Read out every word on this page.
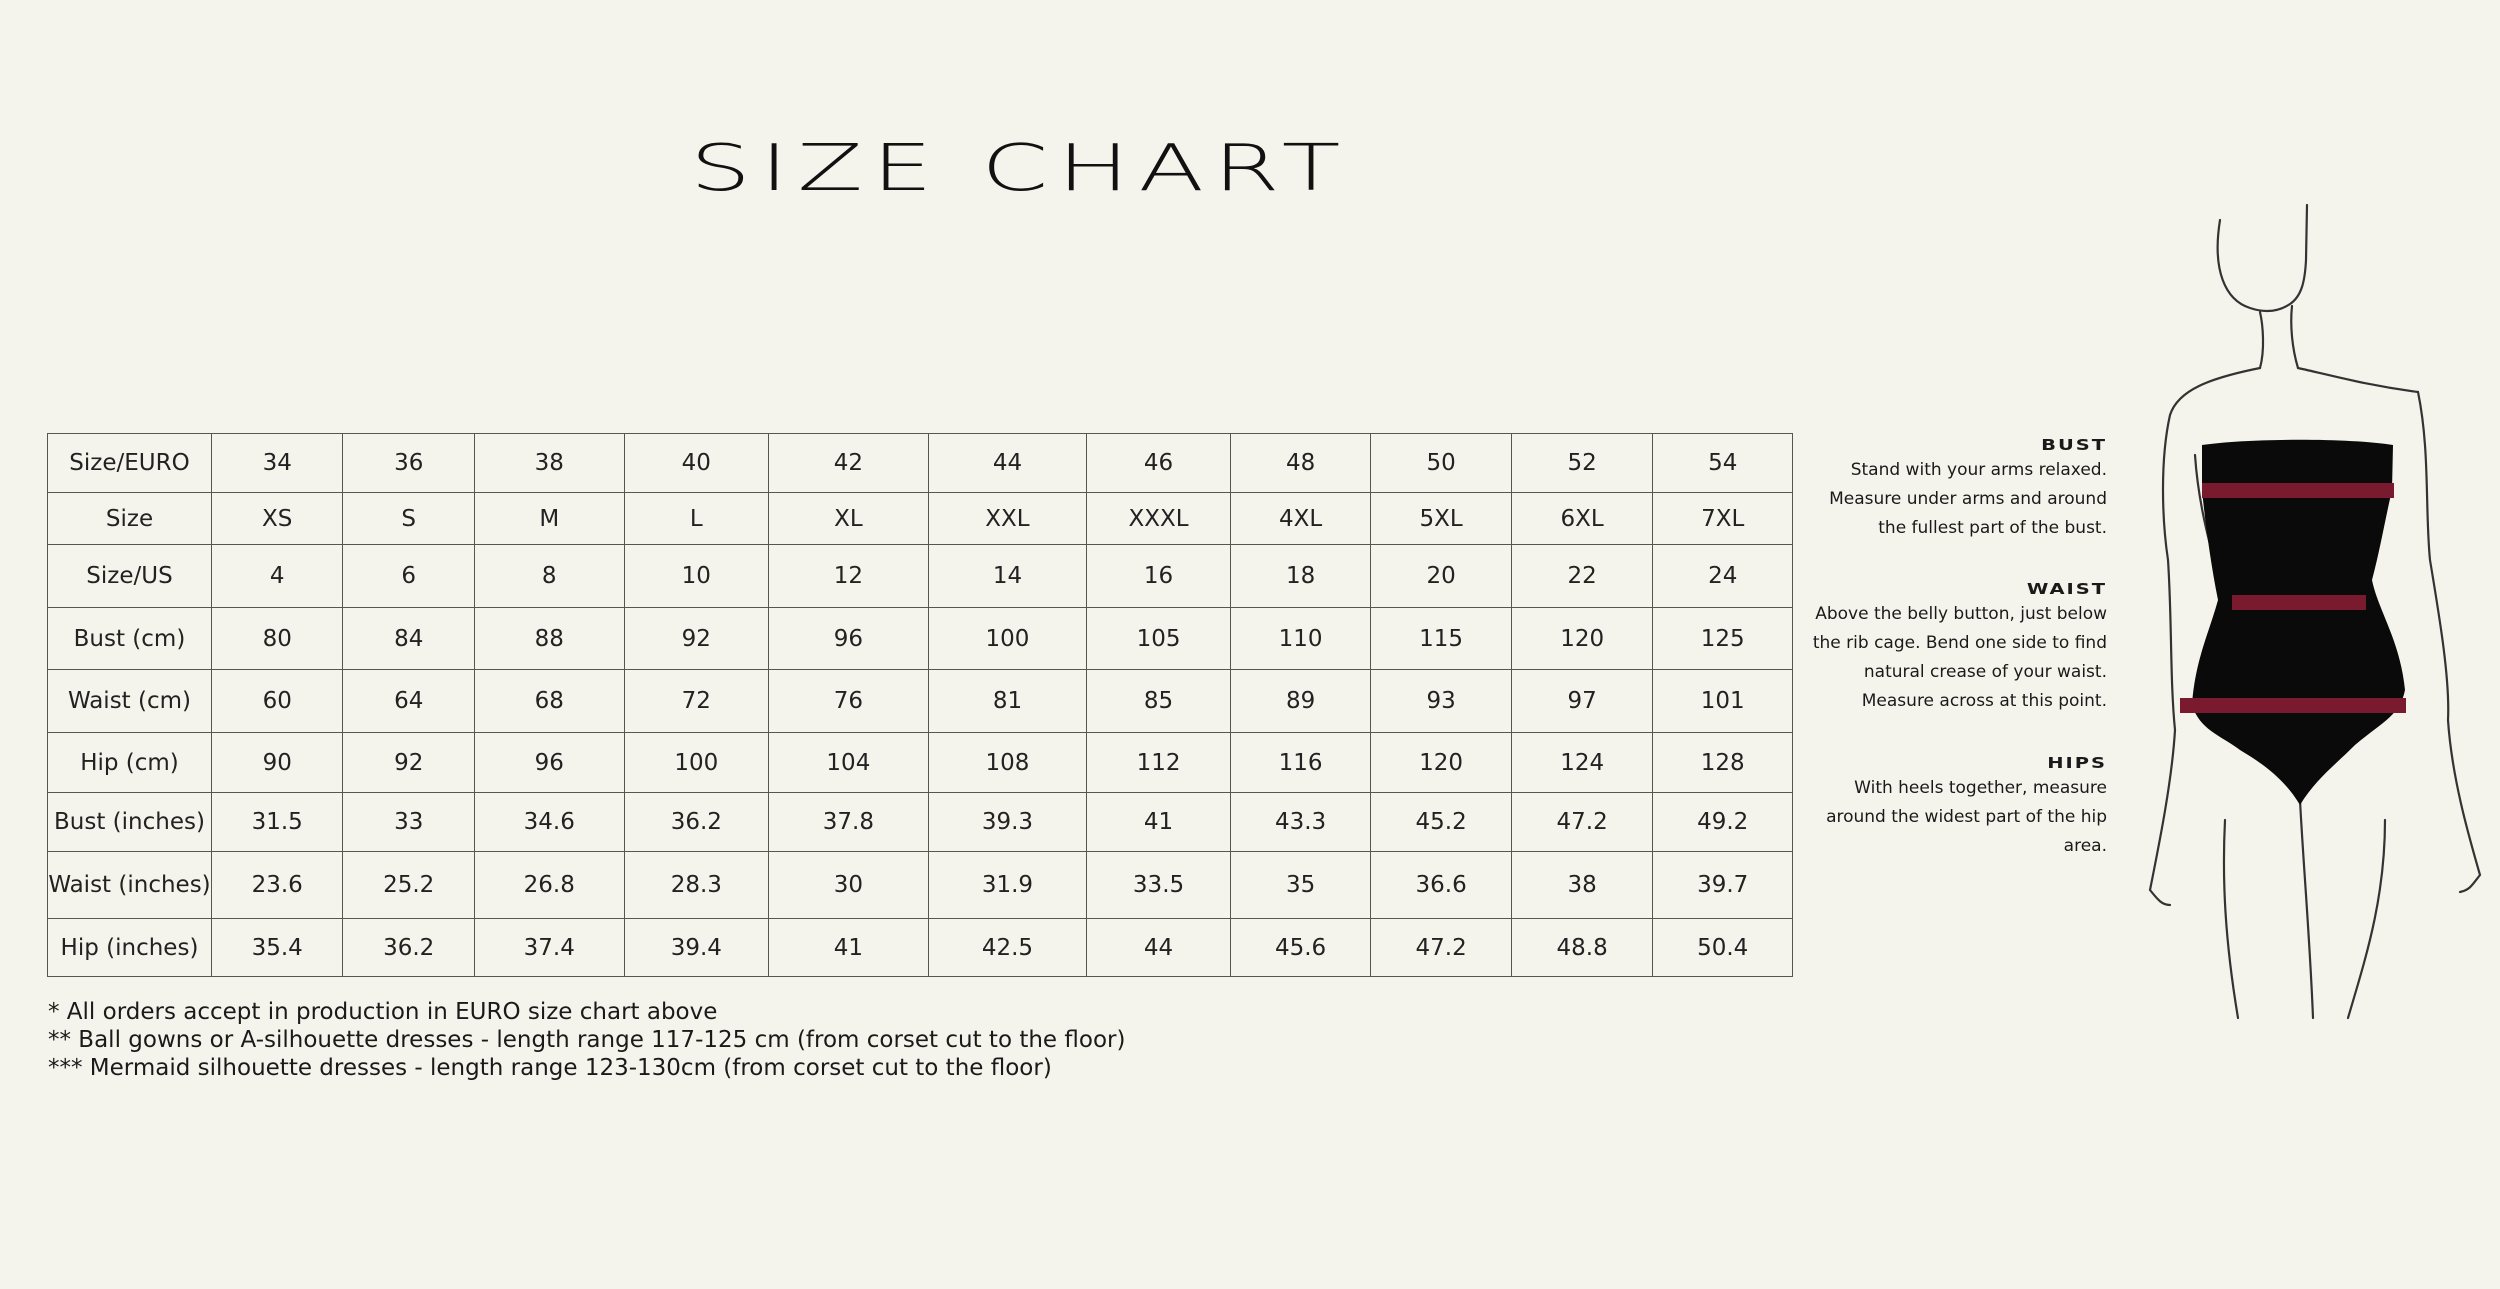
SIZE CHART
Size/EURO	34	36	38	40	42	44	46	48	50	52	54
Size	XS	S	M	L	XL	XXL	XXXL	4XL	5XL	6XL	7XL
Size/US	4	6	8	10	12	14	16	18	20	22	24
Bust (cm)	80	84	88	92	96	100	105	110	115	120	125
Waist (cm)	60	64	68	72	76	81	85	89	93	97	101
Hip (cm)	90	92	96	100	104	108	112	116	120	124	128
Bust (inches)	31.5	33	34.6	36.2	37.8	39.3	41	43.3	45.2	47.2	49.2
Waist (inches)	23.6	25.2	26.8	28.3	30	31.9	33.5	35	36.6	38	39.7
Hip (inches)	35.4	36.2	37.4	39.4	41	42.5	44	45.6	47.2	48.8	50.4
* All orders accept in production in EURO size chart above
** Ball gowns or A-silhouette dresses - length range 117-125 cm (from corset cut to the floor)
*** Mermaid silhouette dresses - length range 123-130cm (from corset cut to the floor)
BUST
Stand with your arms relaxed.
Measure under arms and around
the fullest part of the bust.
WAIST
Above the belly button, just below
the rib cage. Bend one side to find
natural crease of your waist.
Measure across at this point.
HIPS
With heels together, measure
around the widest part of the hip
area.
